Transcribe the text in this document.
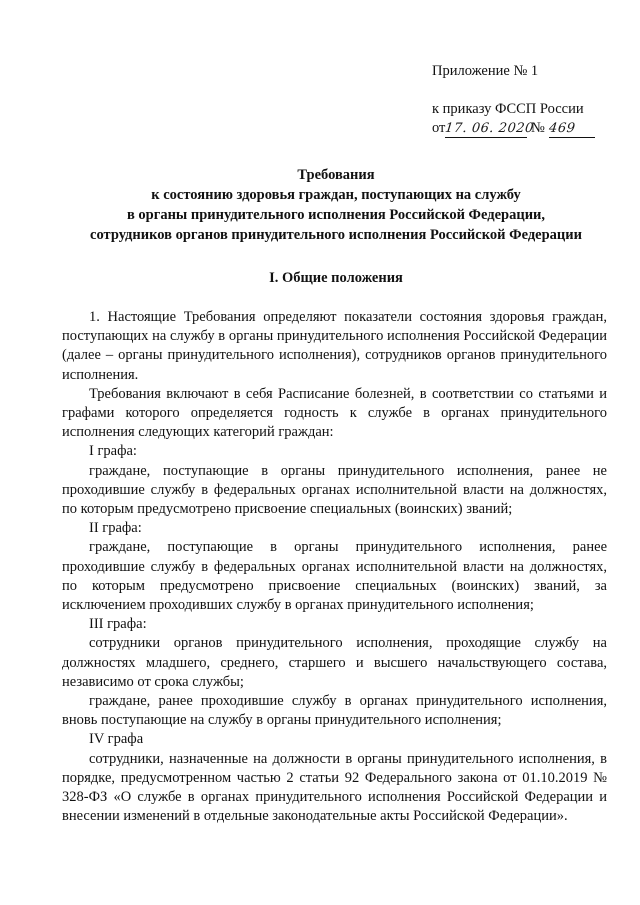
Приложение № 1
к приказу ФССП России
от17. 06. 2020 № 469
Требования
к состоянию здоровья граждан, поступающих на службу
в органы принудительного исполнения Российской Федерации,
сотрудников органов принудительного исполнения Российской Федерации
I. Общие положения

1. Настоящие Требования определяют показатели состояния здоровья граждан, поступающих на службу в органы принудительного исполнения Российской Федерации (далее – органы принудительного исполнения), сотрудников органов принудительного исполнения.

Требования включают в себя Расписание болезней, в соответствии со статьями и графами которого определяется годность к службе в органах принудительного исполнения следующих категорий граждан:

I графа:

граждане, поступающие в органы принудительного исполнения, ранее не проходившие службу в федеральных органах исполнительной власти на должностях, по которым предусмотрено присвоение специальных (воинских) званий;

II графа:

граждане, поступающие в органы принудительного исполнения, ранее проходившие службу в федеральных органах исполнительной власти на должностях, по которым предусмотрено присвоение специальных (воинских) званий, за исключением проходивших службу в органах принудительного исполнения;

III графа:

сотрудники органов принудительного исполнения, проходящие службу на должностях младшего, среднего, старшего и высшего начальствующего состава, независимо от срока службы;

граждане, ранее проходившие службу в органах принудительного исполнения, вновь поступающие на службу в органы принудительного исполнения;

IV графа

сотрудники, назначенные на должности в органы принудительного исполнения, в порядке, предусмотренном частью 2 статьи 92 Федерального закона от 01.10.2019 № 328-ФЗ «О службе в органах принудительного исполнения Российской Федерации и внесении изменений в отдельные законодательные акты Российской Федерации».
